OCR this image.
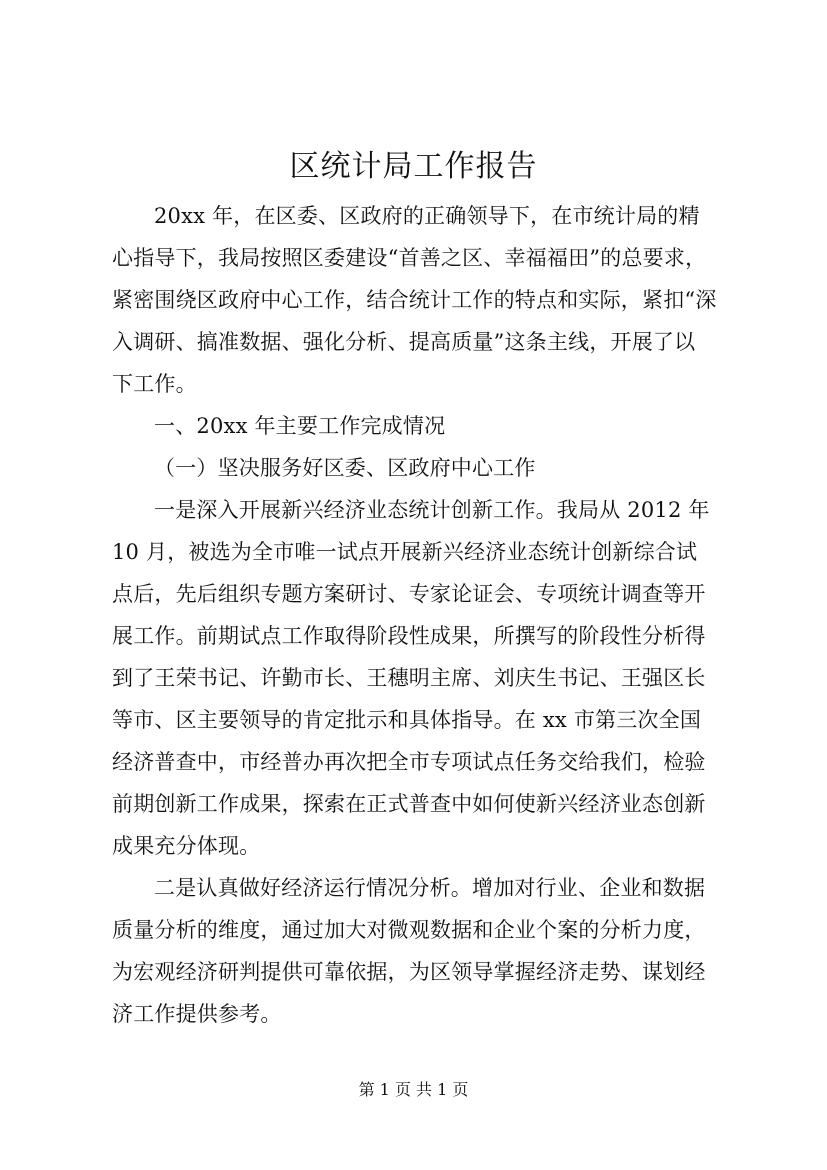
区统计局工作报告
20xx 年，在区委、区政府的正确领导下，在市统计局的精
心指导下，我局按照区委建设“首善之区、幸福福田”的总要求，
紧密围绕区政府中心工作，结合统计工作的特点和实际，紧扣“深
入调研、搞准数据、强化分析、提高质量”这条主线，开展了以
下工作。
一、20xx 年主要工作完成情况
（一）坚决服务好区委、区政府中心工作
一是深入开展新兴经济业态统计创新工作。我局从 2012 年
10 月，被选为全市唯一试点开展新兴经济业态统计创新综合试
点后，先后组织专题方案研讨、专家论证会、专项统计调查等开
展工作。前期试点工作取得阶段性成果，所撰写的阶段性分析得
到了王荣书记、许勤市长、王穗明主席、刘庆生书记、王强区长
等市、区主要领导的肯定批示和具体指导。在 xx 市第三次全国
经济普查中，市经普办再次把全市专项试点任务交给我们，检验
前期创新工作成果，探索在正式普查中如何使新兴经济业态创新
成果充分体现。
二是认真做好经济运行情况分析。增加对行业、企业和数据
质量分析的维度，通过加大对微观数据和企业个案的分析力度，
为宏观经济研判提供可靠依据，为区领导掌握经济走势、谋划经
济工作提供参考。
第 1 页 共 1 页
